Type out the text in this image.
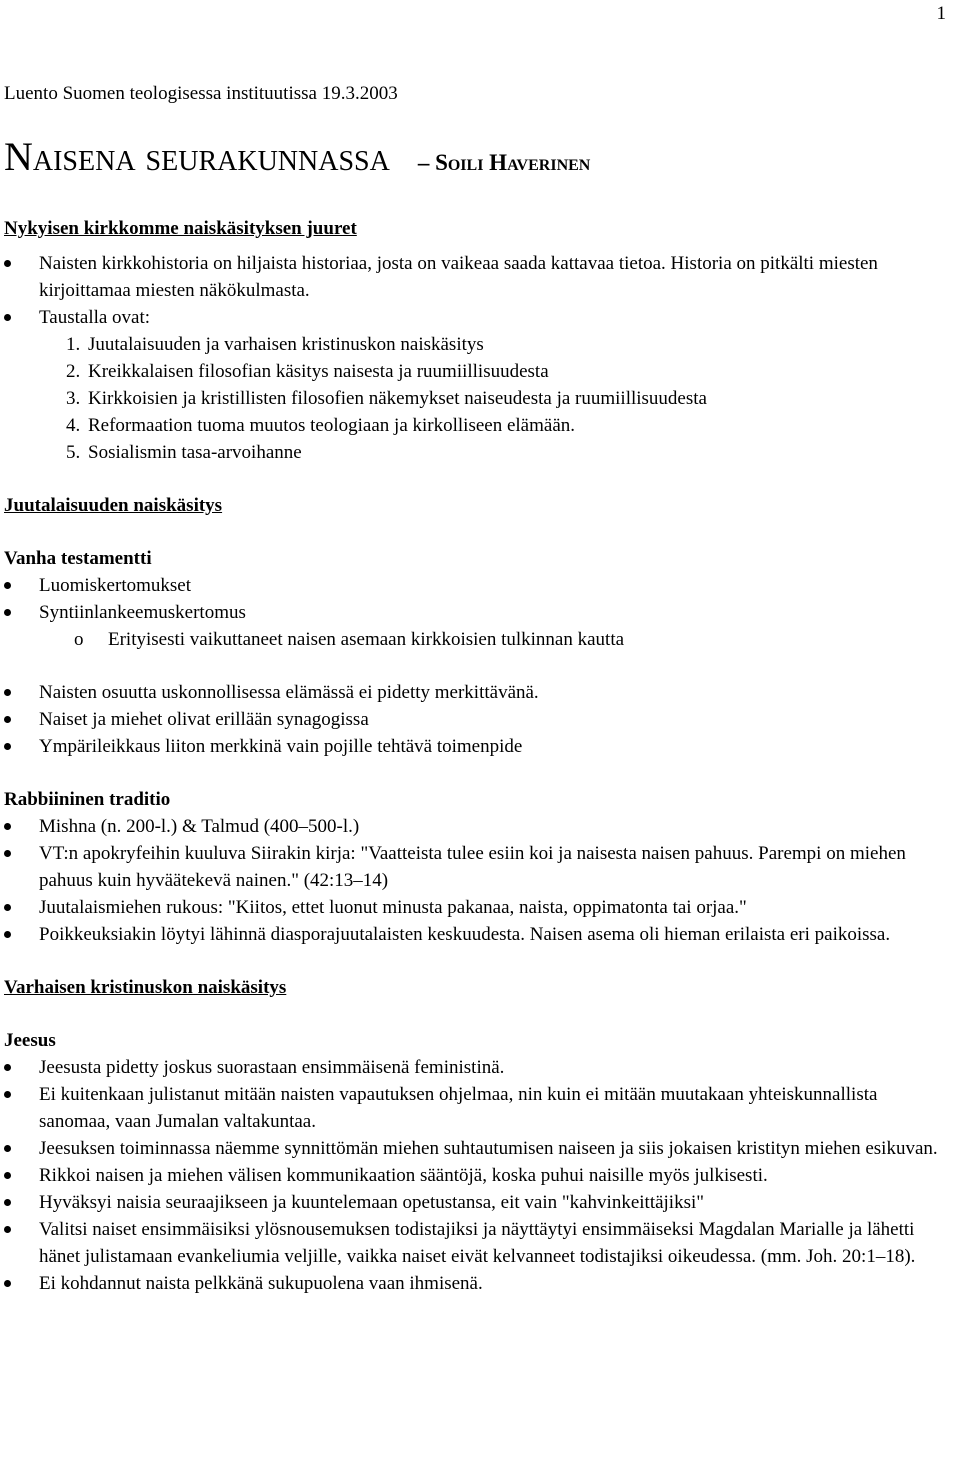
1

Luento Suomen teologisessa instituutissa 19.3.2003

Naisena seurakunnassa – Soili Haverinen

Nykyisen kirkkomme naiskäsityksen juuret

Naisten kirkkohistoria on hiljaista historiaa, josta on vaikeaa saada kattavaa tietoa. Historia on pitkälti miesten kirjoittamaa miesten näkökulmasta.
Taustalla ovat:
1. Juutalaisuuden ja varhaisen kristinuskon naiskäsitys
2. Kreikkalaisen filosofian käsitys naisesta ja ruumiillisuudesta
3. Kirkkoisien ja kristillisten filosofien näkemykset naiseudesta ja ruumiillisuudesta
4. Reformaation tuoma muutos teologiaan ja kirkolliseen elämään.
5. Sosialismin tasa-arvoihanne

Juutalaisuuden naiskäsitys

Vanha testamentti

Luomiskertomukset
Syntiinlankeemuskertomus
o Erityisesti vaikuttaneet naisen asemaan kirkkoisien tulkinnan kautta
Naisten osuutta uskonnollisessa elämässä ei pidetty merkittävänä.
Naiset ja miehet olivat erillään synagogissa
Ympärileikkaus liiton merkkinä vain pojille tehtävä toimenpide

Rabbiininen traditio

Mishna (n. 200-l.) & Talmud (400–500-l.)
VT:n apokryfeihin kuuluva Siirakin kirja: "Vaatteista tulee esiin koi ja naisesta naisen pahuus. Parempi on miehen pahuus kuin hyväätekevä nainen." (42:13–14)
Juutalaismiehen rukous: "Kiitos, ettet luonut minusta pakanaa, naista, oppimatonta tai orjaa."
Poikkeuksiakin löytyi lähinnä diasporajuutalaisten keskuudesta. Naisen asema oli hieman erilaista eri paikoissa.

Varhaisen kristinuskon naiskäsitys

Jeesus

Jeesusta pidetty joskus suorastaan ensimmäisenä feministinä.
Ei kuitenkaan julistanut mitään naisten vapautuksen ohjelmaa, nin kuin ei mitään muutakaan yhteiskunnallista sanomaa, vaan Jumalan valtakuntaa.
Jeesuksen toiminnassa näemme synnittömän miehen suhtautumisen naiseen ja siis jokaisen kristityn miehen esikuvan.
Rikkoi naisen ja miehen välisen kommunikaation sääntöjä, koska puhui naisille myös julkisesti.
Hyväksyi naisia seuraajikseen ja kuuntelemaan opetustansa, eit vain "kahvinkeittäjiksi"
Valitsi naiset ensimmäisiksi ylösnousemuksen todistajiksi ja näyttäytyi ensimmäiseksi Magdalan Marialle ja lähetti hänet julistamaan evankeliumia veljille, vaikka naiset eivät kelvanneet todistajiksi oikeudessa. (mm. Joh. 20:1–18).
Ei kohdannut naista pelkkänä sukupuolena vaan ihmisenä.
